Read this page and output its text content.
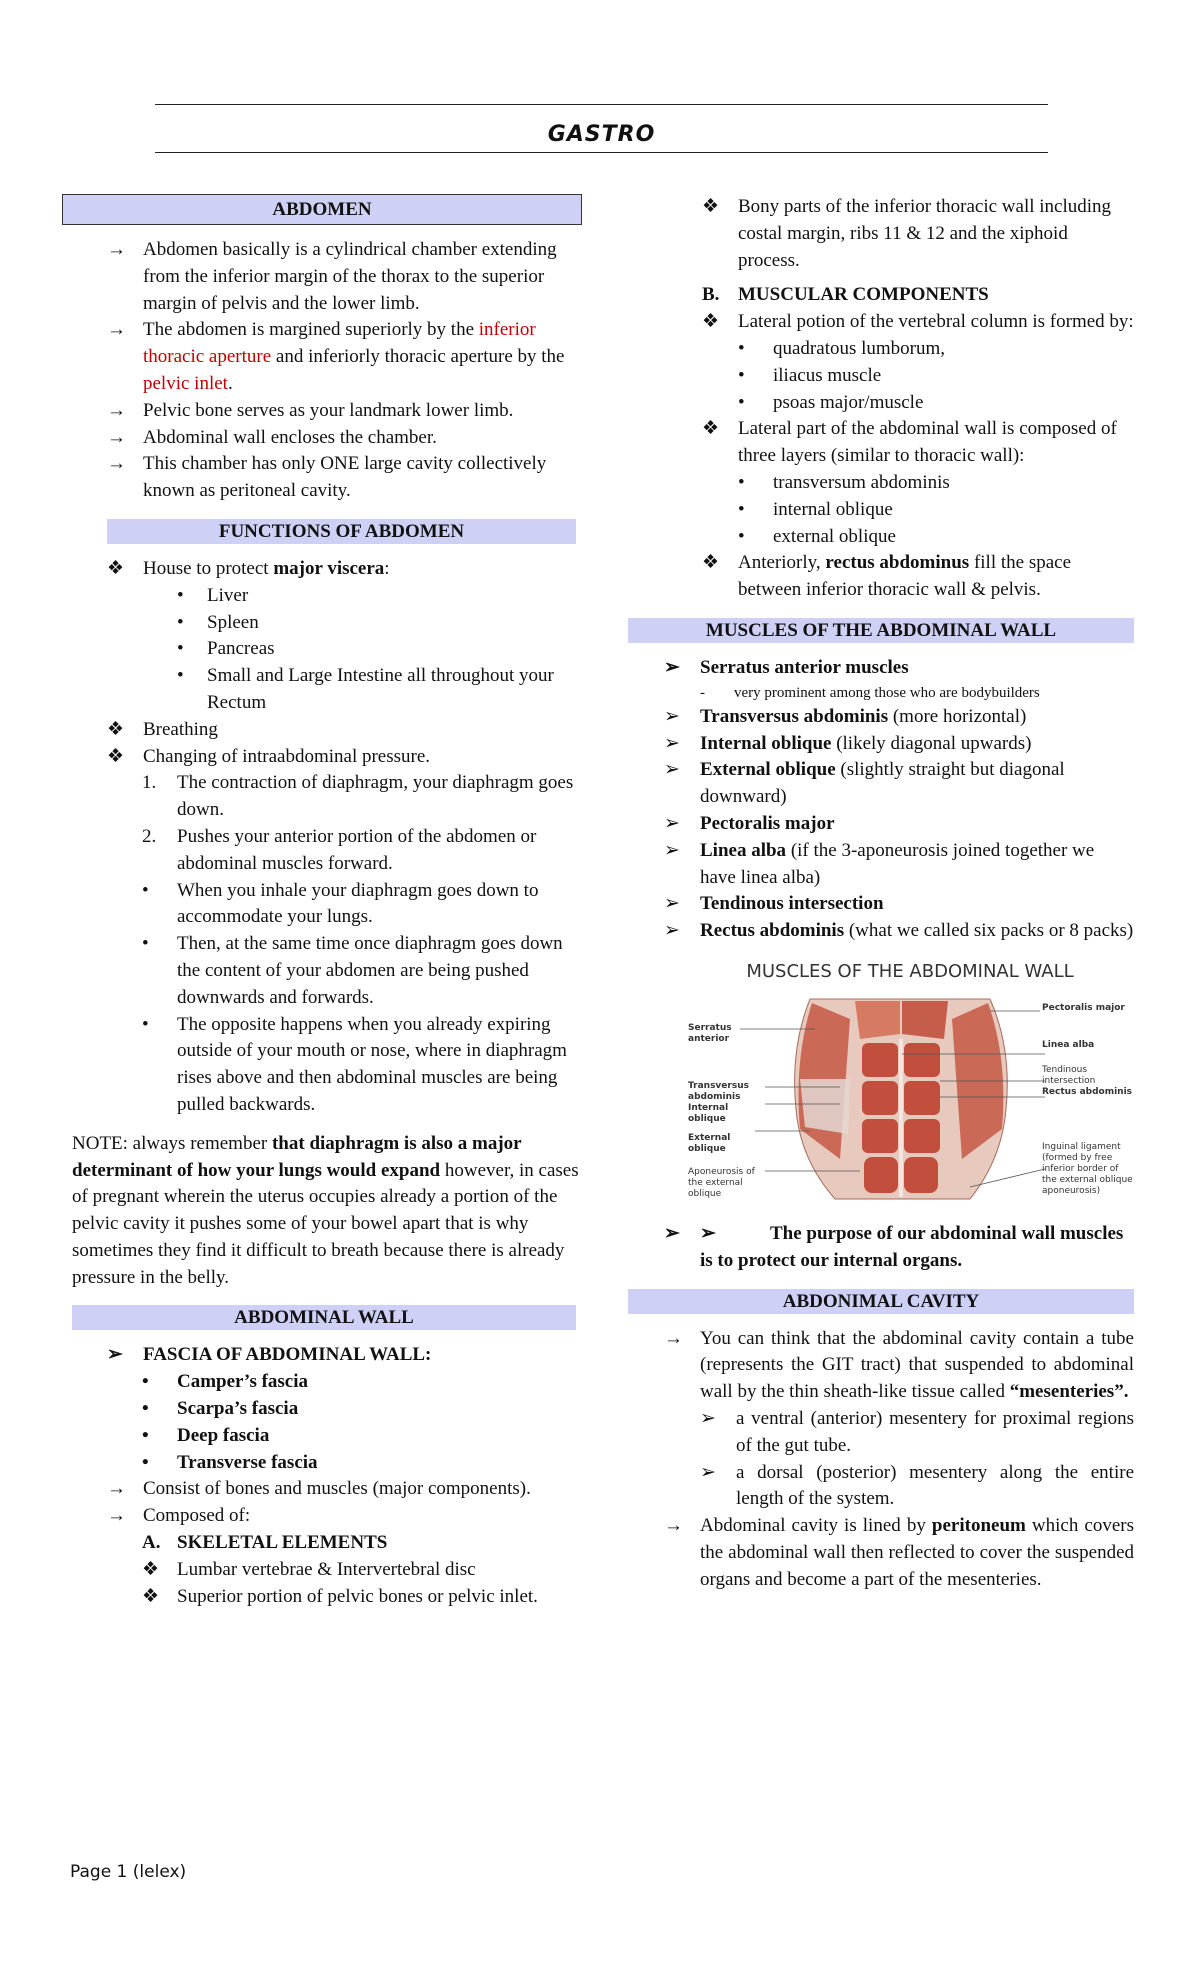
GASTRO
ABDOMEN
→ Abdomen basically is a cylindrical chamber extending from the inferior margin of the thorax to the superior margin of pelvis and the lower limb.
→ The abdomen is margined superiorly by the inferior thoracic aperture and inferiorly thoracic aperture by the pelvic inlet.
→ Pelvic bone serves as your landmark lower limb.
→ Abdominal wall encloses the chamber.
→ This chamber has only ONE large cavity collectively known as peritoneal cavity.
FUNCTIONS OF ABDOMEN
❖ House to protect major viscera:
•	Liver
•	Spleen
•	Pancreas
•	Small and Large Intestine all throughout your Rectum
❖ Breathing
❖ Changing of intraabdominal pressure.
1.	The contraction of diaphragm, your diaphragm goes down.
2.	Pushes your anterior portion of the abdomen or abdominal muscles forward.
•	When you inhale your diaphragm goes down to accommodate your lungs.
•	Then, at the same time once diaphragm goes down the content of your abdomen are being pushed downwards and forwards.
•	The opposite happens when you already expiring outside of your mouth or nose, where in diaphragm rises above and then abdominal muscles are being pulled backwards.

NOTE: always remember that diaphragm is also a major determinant of how your lungs would expand however, in cases of pregnant wherein the uterus occupies already a portion of the pelvic cavity it pushes some of your bowel apart that is why sometimes they find it difficult to breath because there is already pressure in the belly.

ABDOMINAL WALL
➢	FASCIA OF ABDOMINAL WALL:
•	Camper’s fascia
•	Scarpa’s fascia
•	Deep fascia
•	Transverse fascia
→ Consist of bones and muscles (major components).
→ Composed of:
A. SKELETAL ELEMENTS
❖ Lumbar vertebrae & Intervertebral disc
❖ Superior portion of pelvic bones or pelvic inlet.
❖ Bony parts of the inferior thoracic wall including costal margin, ribs 11 & 12 and the xiphoid process.
B. MUSCULAR COMPONENTS
❖ Lateral potion of the vertebral column is formed by:
•	quadratous lumborum,
•	iliacus muscle
•	psoas major/muscle
❖ Lateral part of the abdominal wall is composed of three layers (similar to thoracic wall):
•	transversum abdominis
•	internal oblique
•	external oblique
❖ Anteriorly, rectus abdominus fill the space between inferior thoracic wall & pelvis.
MUSCLES OF THE ABDOMINAL WALL
➢	Serratus anterior muscles
-	very prominent among those who are bodybuilders
➢	Transversus abdominis (more horizontal)
➢	Internal oblique (likely diagonal upwards)
➢	External oblique (slightly straight but diagonal downward)
➢	Pectoralis major
➢	Linea alba (if the 3-aponeurosis joined together we have linea alba)
➢	Tendinous intersection
➢	Rectus abdominis (what we called six packs or 8 packs)
MUSCLES OF THE ABDOMINAL WALL
Serratus anterior
Transversus abdominis
Internal oblique
External oblique
Aponeurosis of the external oblique
Pectoralis major
Linea alba
Tendinous intersection
Rectus abdominis
Inguinal ligament (formed by free inferior border of the external oblique aponeurosis)
➢	➢	The purpose of our abdominal wall muscles is to protect our internal organs.
ABDONIMAL CAVITY
→ You can think that the abdominal cavity contain a tube (represents the GIT tract) that suspended to abdominal wall by the thin sheath-like tissue called “mesenteries”.
➢	a ventral (anterior) mesentery for proximal regions of the gut tube.
➢	a dorsal (posterior) mesentery along the entire length of the system.
→ Abdominal cavity is lined by peritoneum which covers the abdominal wall then reflected to cover the suspended organs and become a part of the mesenteries.
Page 1 (lelex)
